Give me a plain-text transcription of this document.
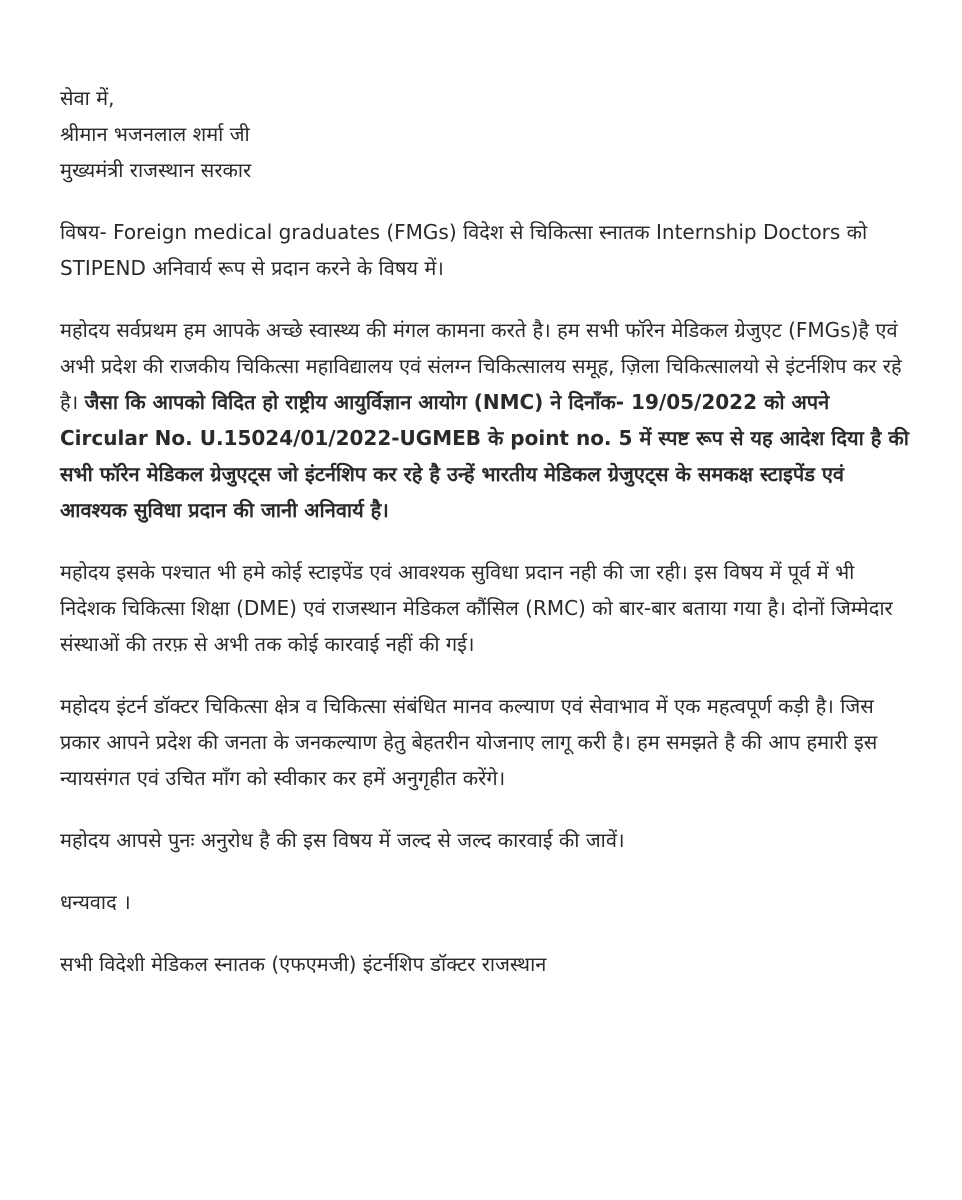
सेवा में,
श्रीमान भजनलाल शर्मा जी
मुख्यमंत्री राजस्थान सरकार

विषय- Foreign medical graduates (FMGs) विदेश से चिकित्सा स्नातक Internship Doctors को STIPEND अनिवार्य रूप से प्रदान करने के विषय में।

महोदय सर्वप्रथम हम आपके अच्छे स्वास्थ्य की मंगल कामना करते है। हम सभी फॉरेन मेडिकल ग्रेजुएट (FMGs)है एवं अभी प्रदेश की राजकीय चिकित्सा महाविद्यालय एवं संलग्न चिकित्सालय समूह, ज़िला चिकित्सालयो से इंटर्नशिप कर रहे है। जैसा कि आपको विदित हो राष्ट्रीय आयुर्विज्ञान आयोग (NMC) ने दिनाँक- 19/05/2022 को अपने Circular No. U.15024/01/2022-UGMEB के point no. 5 में स्पष्ट रूप से यह आदेश दिया है की सभी फॉरेन मेडिकल ग्रेजुएट्स जो इंटर्नशिप कर रहे है उन्हें भारतीय मेडिकल ग्रेजुएट्स के समकक्ष स्टाइपेंड एवं आवश्यक सुविधा प्रदान की जानी अनिवार्य है।

महोदय इसके पश्चात भी हमे कोई स्टाइपेंड एवं आवश्यक सुविधा प्रदान नही की जा रही। इस विषय में पूर्व में भी निदेशक चिकित्सा शिक्षा (DME) एवं राजस्थान मेडिकल कौंसिल (RMC) को बार-बार बताया गया है। दोनों जिम्मेदार संस्थाओं की तरफ़ से अभी तक कोई कारवाई नहीं की गई।

महोदय इंटर्न डॉक्टर चिकित्सा क्षेत्र व चिकित्सा संबंधित मानव कल्याण एवं सेवाभाव में एक महत्वपूर्ण कड़ी है। जिस प्रकार आपने प्रदेश की जनता के जनकल्याण हेतु बेहतरीन योजनाए लागू करी है। हम समझते है की आप हमारी इस न्यायसंगत एवं उचित माँग को स्वीकार कर हमें अनुगृहीत करेंगे।

महोदय आपसे पुनः अनुरोध है की इस विषय में जल्द से जल्द कारवाई की जावें।

धन्यवाद ।

सभी विदेशी मेडिकल स्नातक (एफएमजी) इंटर्नशिप डॉक्टर राजस्थान
